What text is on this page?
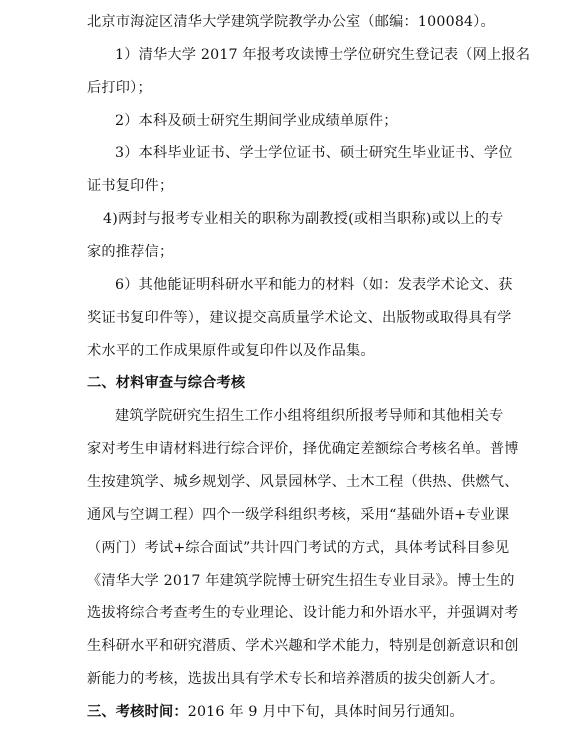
北京市海淀区清华大学建筑学院教学办公室（邮编：100084）。
1）清华大学 2017 年报考攻读博士学位研究生登记表（网上报名
后打印）；
2）本科及硕士研究生期间学业成绩单原件；
3）本科毕业证书、学士学位证书、硕士研究生毕业证书、学位
证书复印件；
4)两封与报考专业相关的职称为副教授(或相当职称)或以上的专
家的推荐信；
6）其他能证明科研水平和能力的材料（如：发表学术论文、获
奖证书复印件等），建议提交高质量学术论文、出版物或取得具有学
术水平的工作成果原件或复印件以及作品集。
二、材料审查与综合考核
建筑学院研究生招生工作小组将组织所报考导师和其他相关专
家对考生申请材料进行综合评价，择优确定差额综合考核名单。普博
生按建筑学、城乡规划学、风景园林学、土木工程（供热、供燃气、
通风与空调工程）四个一级学科组织考核，采用“基础外语+专业课
（两门）考试+综合面试”共计四门考试的方式，具体考试科目参见
《清华大学 2017 年建筑学院博士研究生招生专业目录》。博士生的
选拔将综合考查考生的专业理论、设计能力和外语水平，并强调对考
生科研水平和研究潜质、学术兴趣和学术能力，特别是创新意识和创
新能力的考核，选拔出具有学术专长和培养潜质的拔尖创新人才。
三、考核时间：2016 年 9 月中下旬，具体时间另行通知。
